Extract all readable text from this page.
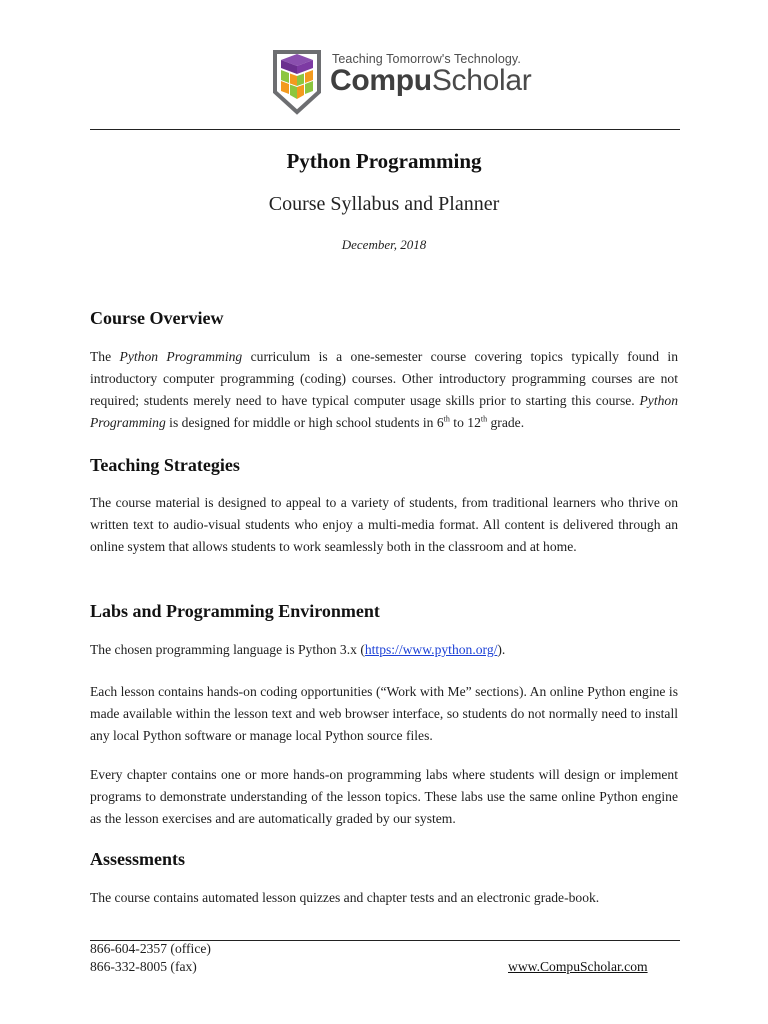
Teaching Tomorrow's Technology.
CompuScholar
Python Programming
Course Syllabus and Planner
December, 2018
Course Overview
The Python Programming curriculum is a one-semester course covering topics typically found in introductory computer programming (coding) courses. Other introductory programming courses are not required; students merely need to have typical computer usage skills prior to starting this course. Python Programming is designed for middle or high school students in 6th to 12th grade.
Teaching Strategies
The course material is designed to appeal to a variety of students, from traditional learners who thrive on written text to audio-visual students who enjoy a multi-media format. All content is delivered through an online system that allows students to work seamlessly both in the classroom and at home.
Labs and Programming Environment
The chosen programming language is Python 3.x (https://www.python.org/).
Each lesson contains hands-on coding opportunities (“Work with Me” sections). An online Python engine is made available within the lesson text and web browser interface, so students do not normally need to install any local Python software or manage local Python source files.
Every chapter contains one or more hands-on programming labs where students will design or implement programs to demonstrate understanding of the lesson topics. These labs use the same online Python engine as the lesson exercises and are automatically graded by our system.
Assessments
The course contains automated lesson quizzes and chapter tests and an electronic grade-book.
866-604-2357 (office)
866-332-8005 (fax)	www.CompuScholar.com
